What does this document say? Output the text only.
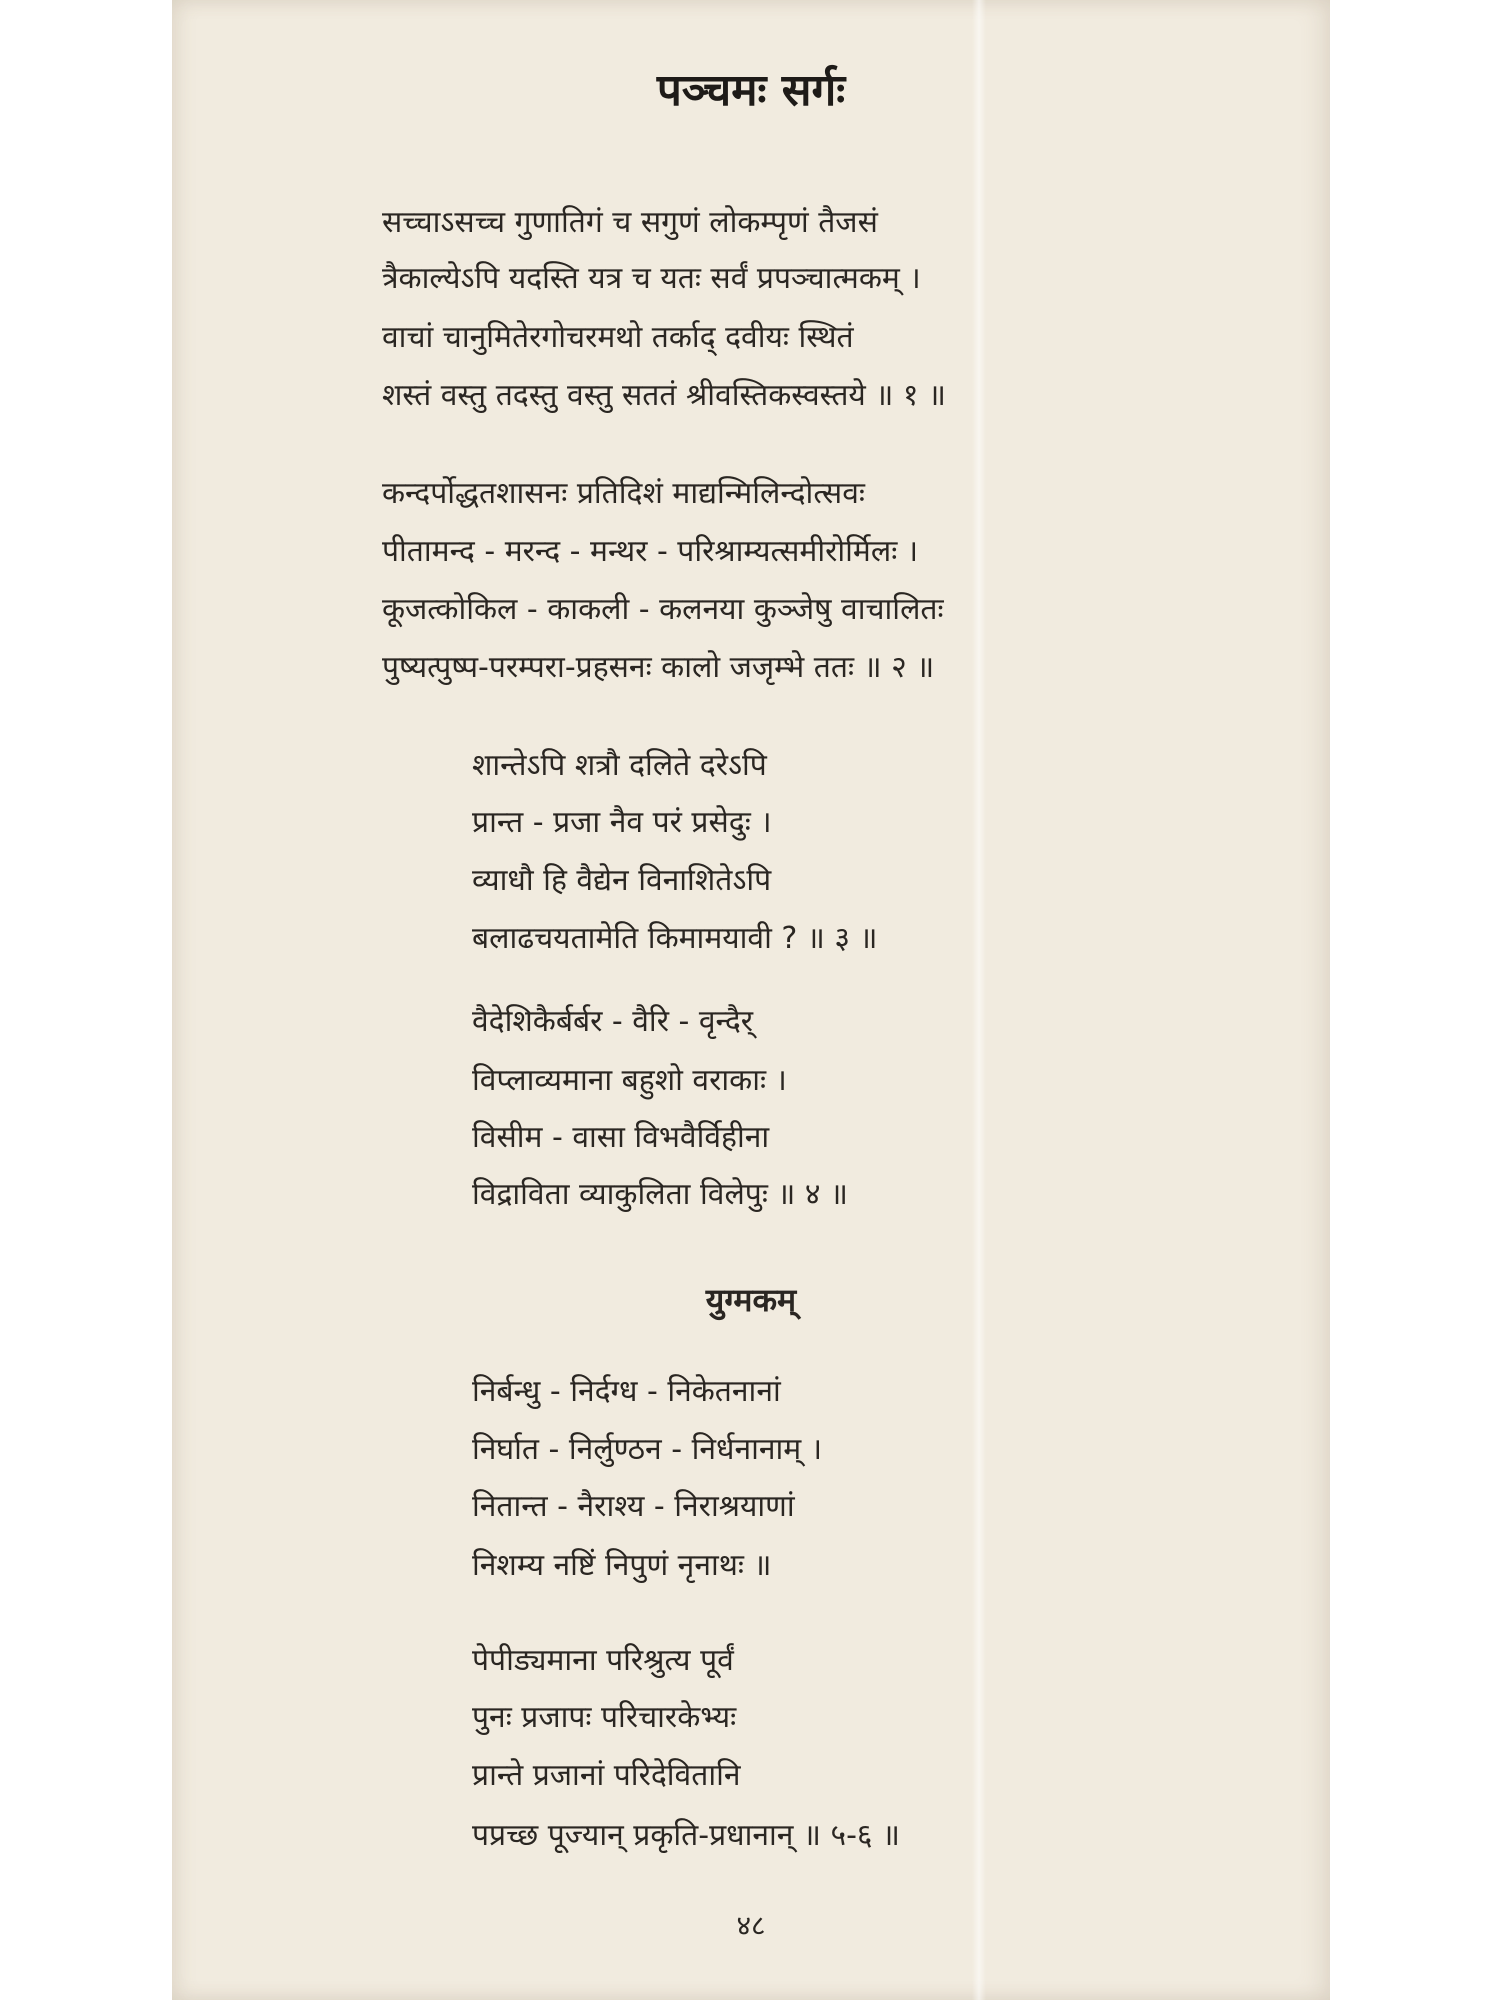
पञ्चमः सर्गः
सच्चाऽसच्च गुणातिगं च सगुणं लोकम्पृणं तैजसं
त्रैकाल्येऽपि यदस्ति यत्र च यतः सर्वं प्रपञ्चात्मकम् ।
वाचां चानुमितेरगोचरमथो तर्काद् दवीयः स्थितं
शस्तं वस्तु तदस्तु वस्तु सततं श्रीवस्तिकस्वस्तये ॥ १ ॥
कन्दर्पोद्धतशासनः प्रतिदिशं माद्यन्मिलिन्दोत्सवः
पीतामन्द - मरन्द - मन्थर - परिश्राम्यत्समीरोर्मिलः ।
कूजत्कोकिल - काकली - कलनया कुञ्जेषु वाचालितः
पुष्यत्पुष्प-परम्परा-प्रहसनः कालो जजृम्भे ततः ॥ २ ॥
शान्तेऽपि शत्रौ दलिते दरेऽपि
प्रान्त - प्रजा नैव परं प्रसेदुः ।
व्याधौ हि वैद्येन विनाशितेऽपि
बलाढचयतामेति किमामयावी ? ॥ ३ ॥
वैदेशिकैर्बर्बर - वैरि - वृन्दैर्
विप्लाव्यमाना बहुशो वराकाः ।
विसीम - वासा विभवैर्विहीना
विद्राविता व्याकुलिता विलेपुः ॥ ४ ॥
युग्मकम्
निर्बन्धु - निर्दग्ध - निकेतनानां
निर्घात - निर्लुण्ठन - निर्धनानाम् ।
नितान्त - नैराश्य - निराश्रयाणां
निशम्य नष्टिं निपुणं नृनाथः ॥
पेपीड्यमाना परिश्रुत्य पूर्वं
पुनः प्रजापः परिचारकेभ्यः
प्रान्ते प्रजानां परिदेवितानि
पप्रच्छ पूज्यान् प्रकृति-प्रधानान् ॥ ५-६ ॥
४८
